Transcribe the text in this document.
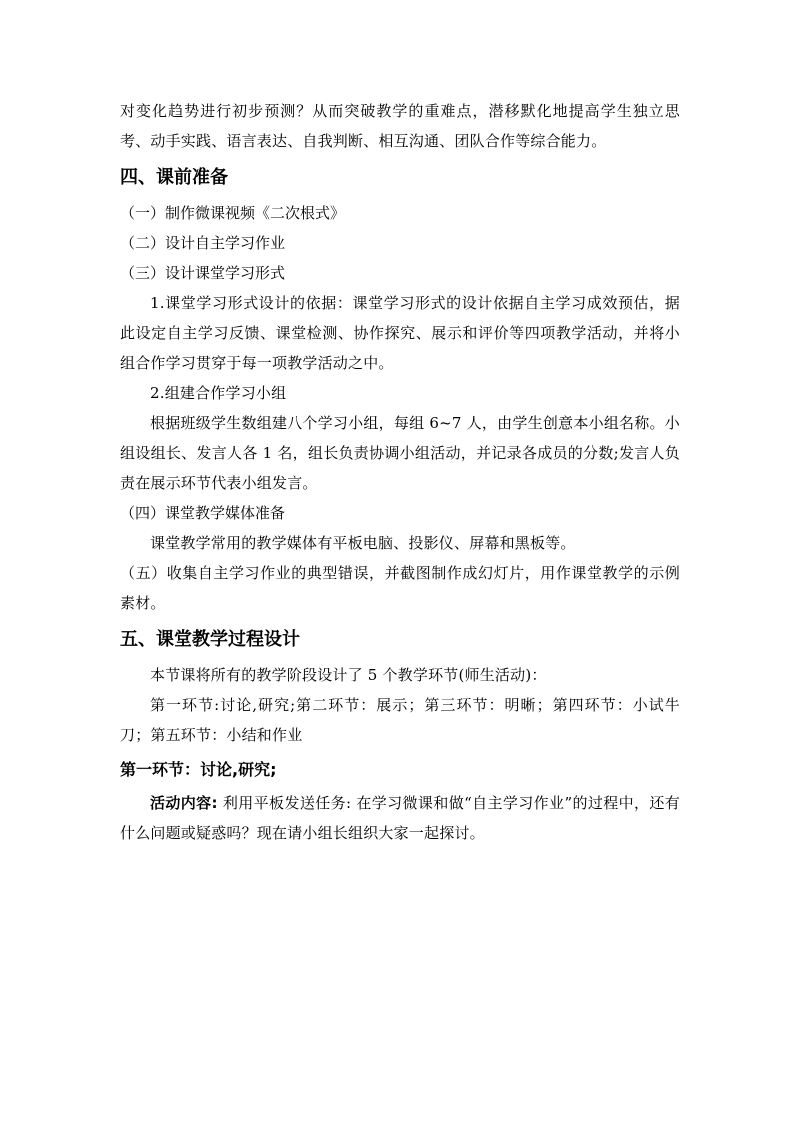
对变化趋势进行初步预测？从而突破教学的重难点，潜移默化地提高学生独立思考、动手实践、语言表达、自我判断、相互沟通、团队合作等综合能力。

四、课前准备

（一）制作微课视频《二次根式》

（二）设计自主学习作业

（三）设计课堂学习形式

1.课堂学习形式设计的依据：课堂学习形式的设计依据自主学习成效预估，据此设定自主学习反馈、课堂检测、协作探究、展示和评价等四项教学活动，并将小组合作学习贯穿于每一项教学活动之中。

2.组建合作学习小组

根据班级学生数组建八个学习小组，每组 6~7 人，由学生创意本小组名称。小组设组长、发言人各 1 名，组长负责协调小组活动，并记录各成员的分数;发言人负责在展示环节代表小组发言。

（四）课堂教学媒体准备

课堂教学常用的教学媒体有平板电脑、投影仪、屏幕和黑板等。

（五）收集自主学习作业的典型错误，并截图制作成幻灯片，用作课堂教学的示例素材。

五、课堂教学过程设计

本节课将所有的教学阶段设计了 5 个教学环节(师生活动)：

第一环节:讨论,研究;第二环节：展示；第三环节：明晰；第四环节：小试牛刀；第五环节：小结和作业

第一环节：讨论,研究;

活动内容: 利用平板发送任务: 在学习微课和做“自主学习作业”的过程中，还有什么问题或疑惑吗？现在请小组长组织大家一起探讨。
